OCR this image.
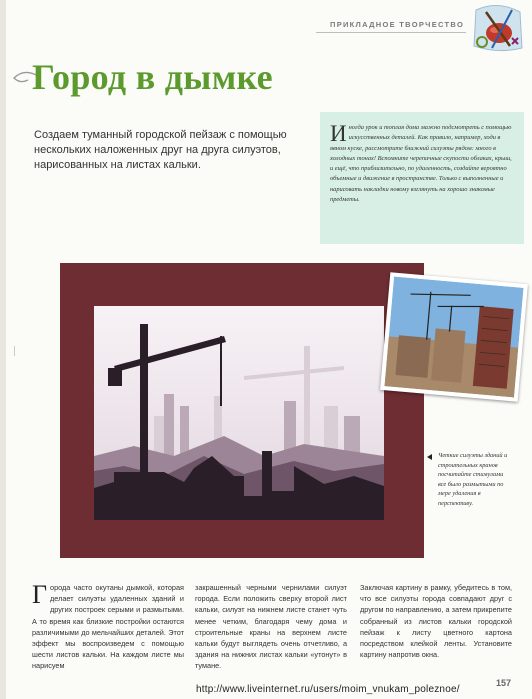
ПРИКЛАДНОЕ ТВОРЧЕСТВО
Город в дымке

Создаем туманный городской пейзаж с помощью нескольких наложенных друг на друга силуэтов, нарисованных на листах кальки.

Иногда урок и топлая дома мажно подсмотреть с помощью искусственных деталей. Как правило, например, ходи в явном куске, рассмотрите ближний силуэты рядом: много в холодных тонах! Вспомните черепичные скупости облаках, крыш, и ещё, что приблизительно, по удаленность, создайте вероятно объемные и движение в пространстве. Только с выполненные и нарисовать накладки новому взглянуть на хорошо знакомые предметы.

Четкие силуэты зданий и строительных кранов посчитайте стимулами все было размытыми по мере удаления в перспективу.

Города часто окутаны дымкой, которая делает силуэты удаленных зданий и других построек серыми и размытыми. А то время как близкие постройки остаются различимыми до мельчайших деталей. Этот эффект мы воспроизведем с помощью шести листов кальки. На каждом листе мы нарисуем

закрашенный черными чернилами силуэт города. Если положить сверху второй лист кальки, силуэт на нижнем листе станет чуть менее четким, благодаря чему дома и строительные краны на верхнем листе кальки будут выглядеть очень отчетливо, а здания на нижних листах кальки «утонут» в тумане.

Заключая картину в рамку, убедитесь в том, что все силуэты города совпадают друг с другом по направлению, а затем прикрепите собранный из листов кальки городской пейзаж к листу цветного картона посредством клейкой ленты. Установите картину напротив окна.

http://www.liveinternet.ru/users/moim_vnukam_poleznoe/
157
